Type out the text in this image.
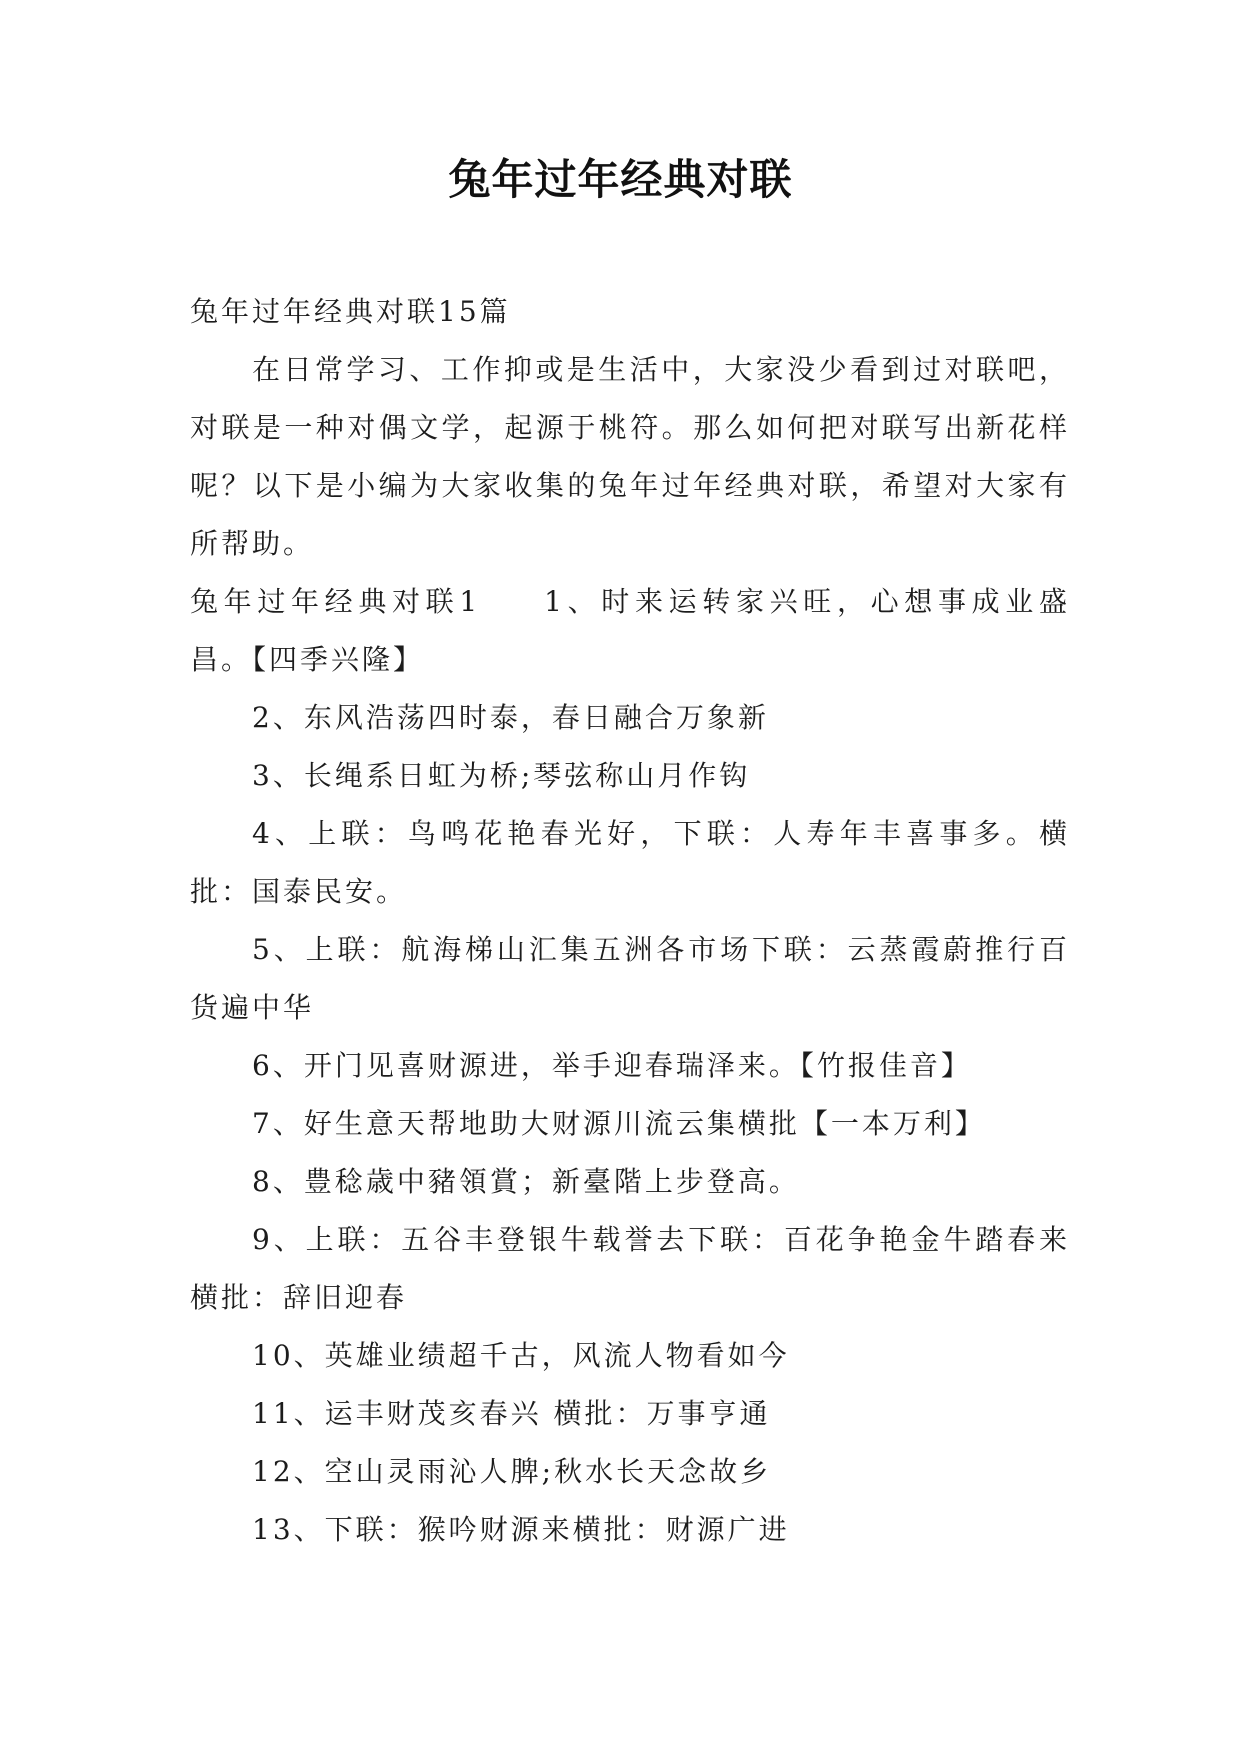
兔年过年经典对联

兔年过年经典对联15篇

在日常学习、工作抑或是生活中，大家没少看到过对联吧，对联是一种对偶文学，起源于桃符。那么如何把对联写出新花样呢？以下是小编为大家收集的兔年过年经典对联，希望对大家有所帮助。

兔年过年经典对联1 1、时来运转家兴旺，心想事成业盛昌。【四季兴隆】

2、东风浩荡四时泰，春日融合万象新

3、长绳系日虹为桥;琴弦称山月作钩

4、上联：鸟鸣花艳春光好，下联：人寿年丰喜事多。横批：国泰民安。

5、上联：航海梯山汇集五洲各市场下联：云蒸霞蔚推行百货遍中华

6、开门见喜财源进，举手迎春瑞泽来。【竹报佳音】

7、好生意天帮地助大财源川流云集横批【一本万利】

8、豊稔歳中豬領賞；新臺階上步登高。

9、上联：五谷丰登银牛载誉去下联：百花争艳金牛踏春来横批：辞旧迎春

10、英雄业绩超千古，风流人物看如今

11、运丰财茂亥春兴 横批：万事亨通

12、空山灵雨沁人脾;秋水长天念故乡

13、下联：猴吟财源来横批：财源广进
